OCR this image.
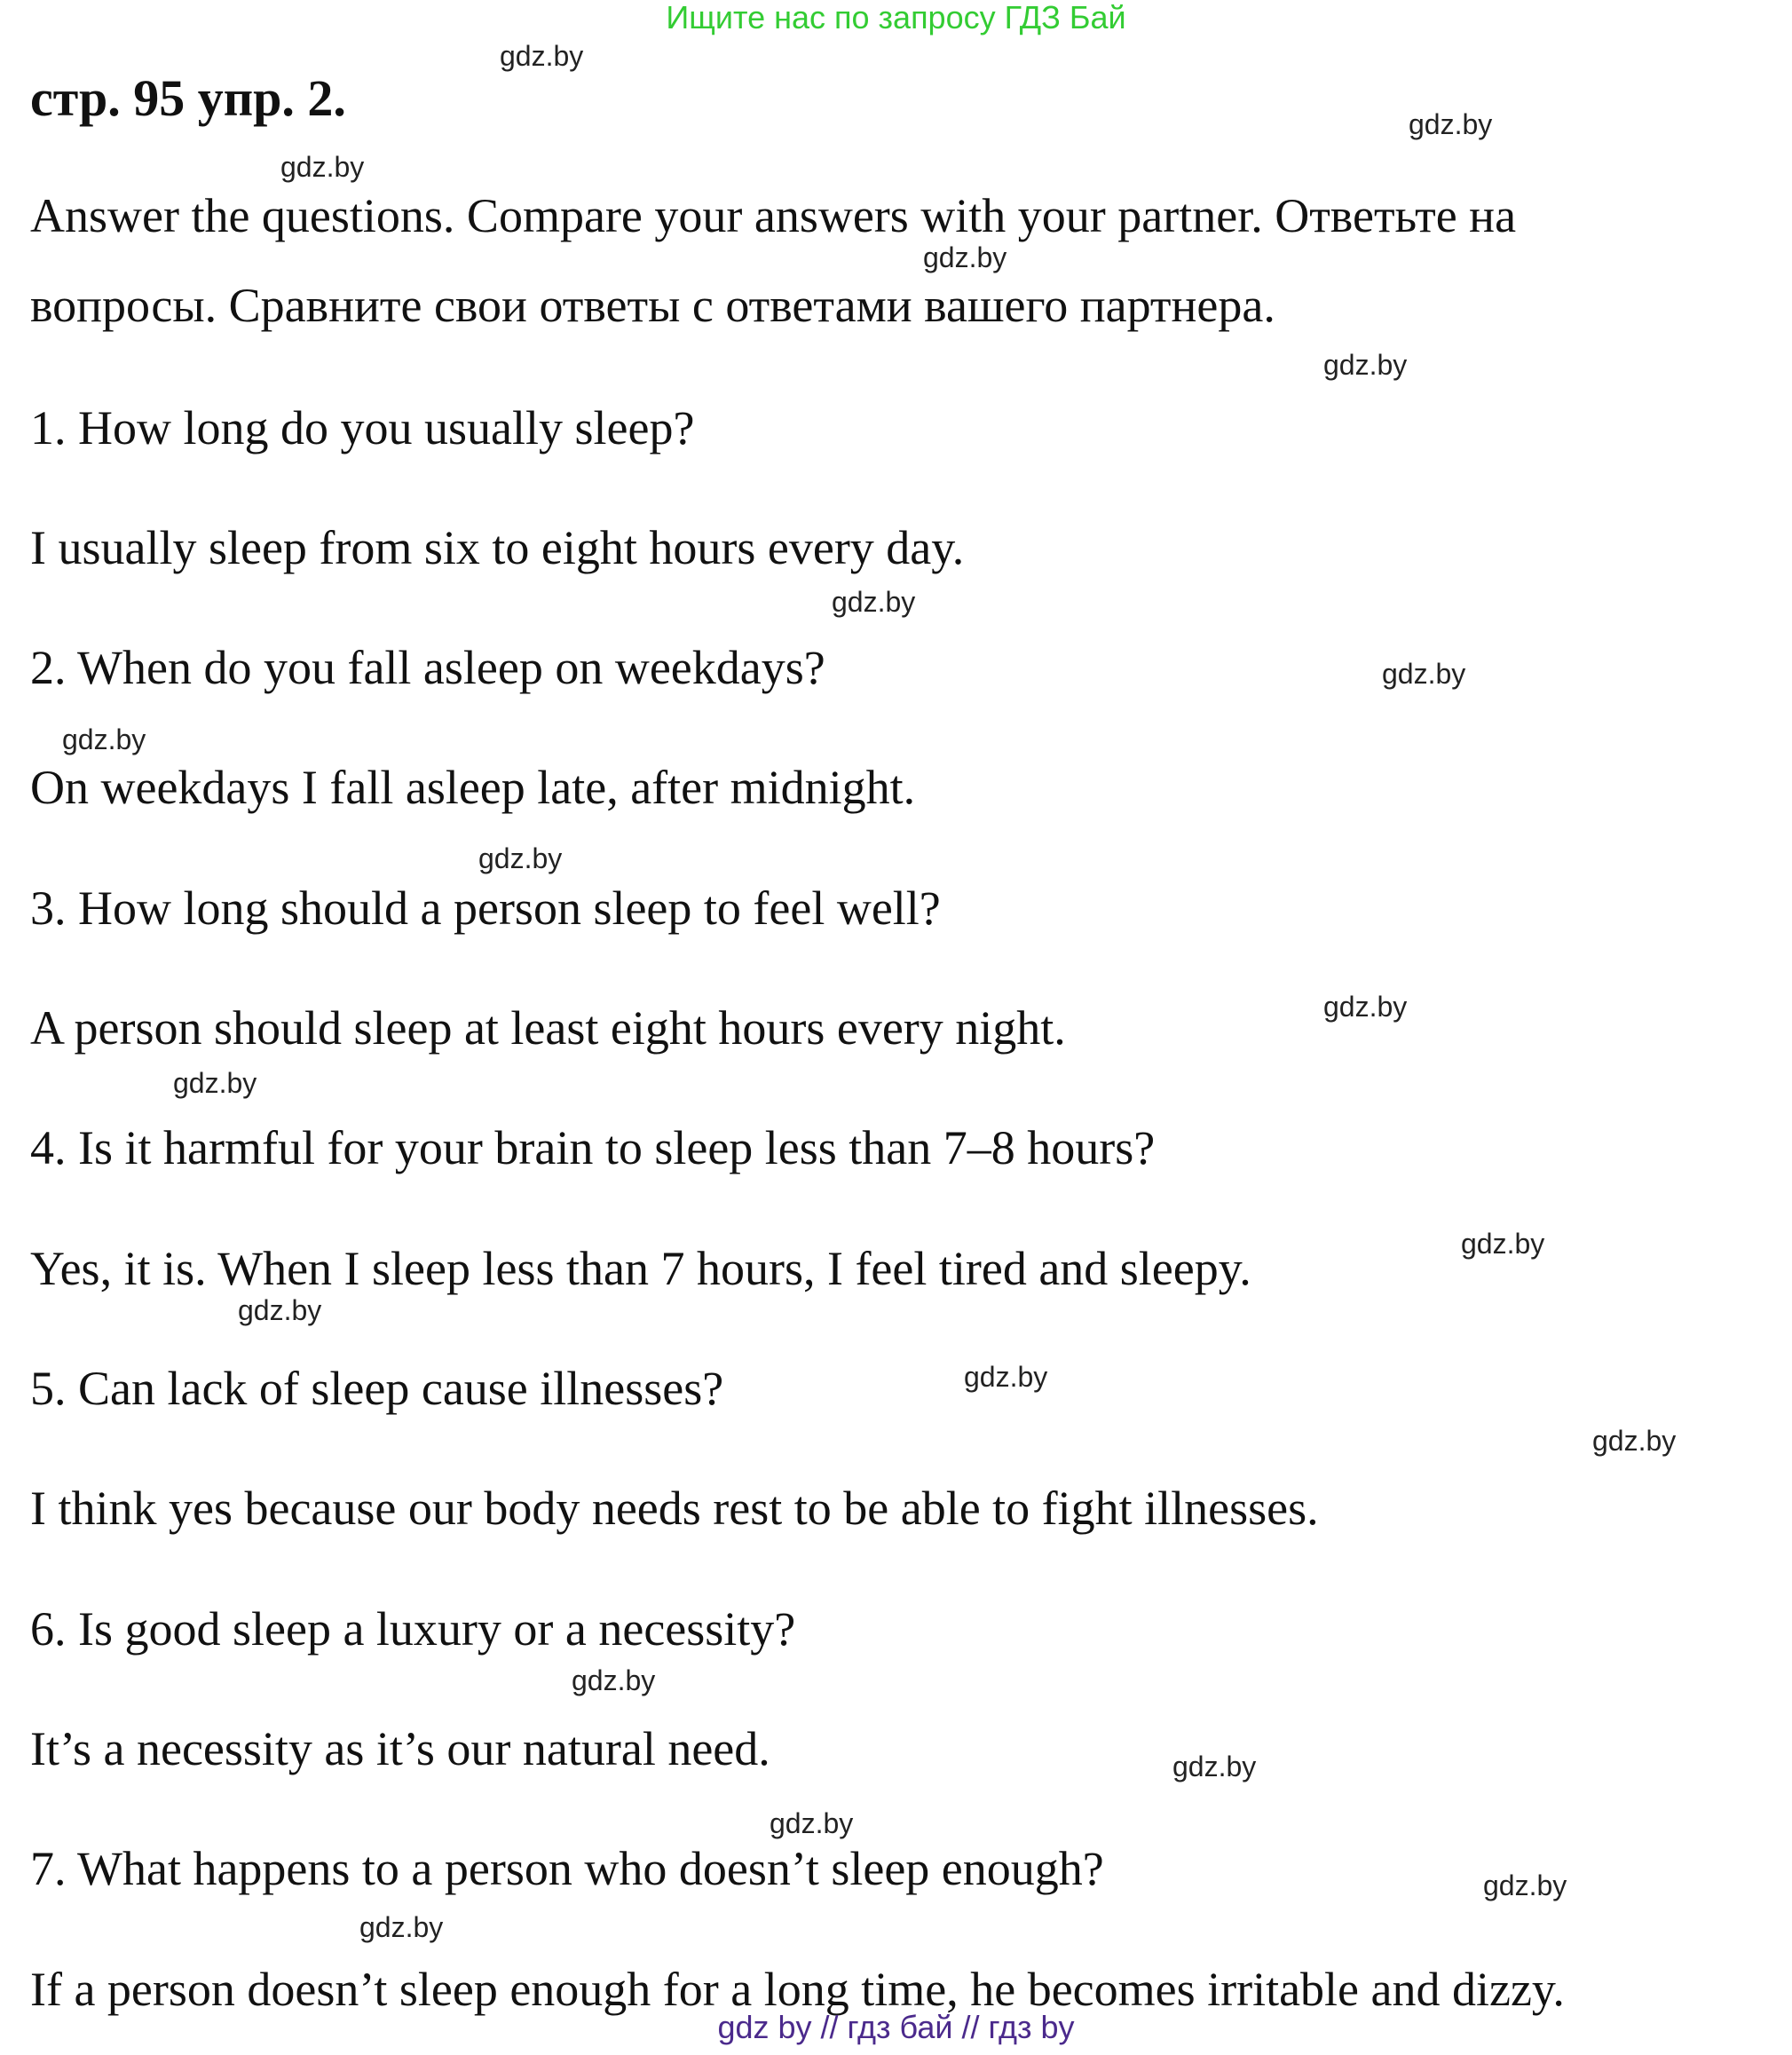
Ищите нас по запросу ГДЗ Бай
стр. 95 упр. 2.

Answer the questions. Compare your answers with your partner. Ответьте на

вопросы. Сравните свои ответы с ответами вашего партнера.

1. How long do you usually sleep?

I usually sleep from six to eight hours every day.

2. When do you fall asleep on weekdays?

On weekdays I fall asleep late, after midnight.

3. How long should a person sleep to feel well?

A person should sleep at least eight hours every night.

4. Is it harmful for your brain to sleep less than 7–8 hours?

Yes, it is. When I sleep less than 7 hours, I feel tired and sleepy.

5. Can lack of sleep cause illnesses?

I think yes because our body needs rest to be able to fight illnesses.

6. Is good sleep a luxury or a necessity?

It’s a necessity as it’s our natural need.

7. What happens to a person who doesn’t sleep enough?

If a person doesn’t sleep enough for a long time, he becomes irritable and dizzy.

gdz.by
gdz.by
gdz.by
gdz.by
gdz.by
gdz.by
gdz.by
gdz.by
gdz.by
gdz.by
gdz.by
gdz.by
gdz.by
gdz.by
gdz.by
gdz.by
gdz.by
gdz.by
gdz.by
gdz.by
gdz by // гдз бай // гдз by
